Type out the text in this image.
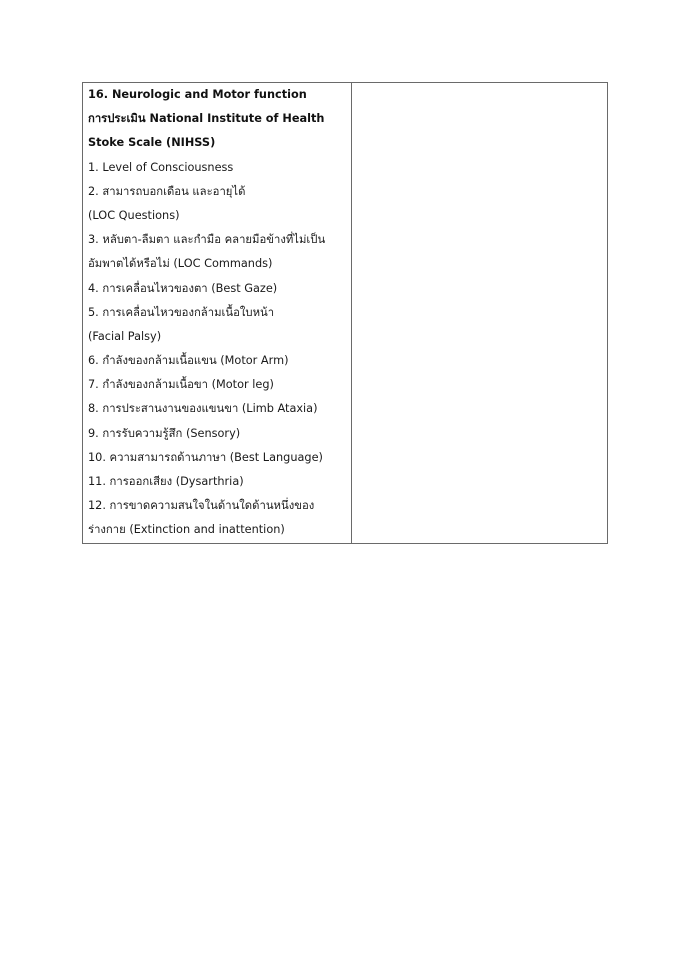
16. Neurologic and Motor function
การประเมิน National Institute of Health
Stoke Scale (NIHSS)
1. Level of Consciousness
2. สามารถบอกเดือน และอายุได้
(LOC Questions)
3. หลับตา-ลืมตา และกำมือ คลายมือข้างที่ไม่เป็น
อัมพาตได้หรือไม่ (LOC Commands)
4. การเคลื่อนไหวของตา (Best Gaze)
5. การเคลื่อนไหวของกล้ามเนื้อใบหน้า
(Facial Palsy)
6. กำลังของกล้ามเนื้อแขน (Motor Arm)
7. กำลังของกล้ามเนื้อขา (Motor leg)
8. การประสานงานของแขนขา (Limb Ataxia)
9. การรับความรู้สึก (Sensory)
10. ความสามารถด้านภาษา (Best Language)
11. การออกเสียง (Dysarthria)
12. การขาดความสนใจในด้านใดด้านหนึ่งของ
ร่างกาย (Extinction and inattention)
